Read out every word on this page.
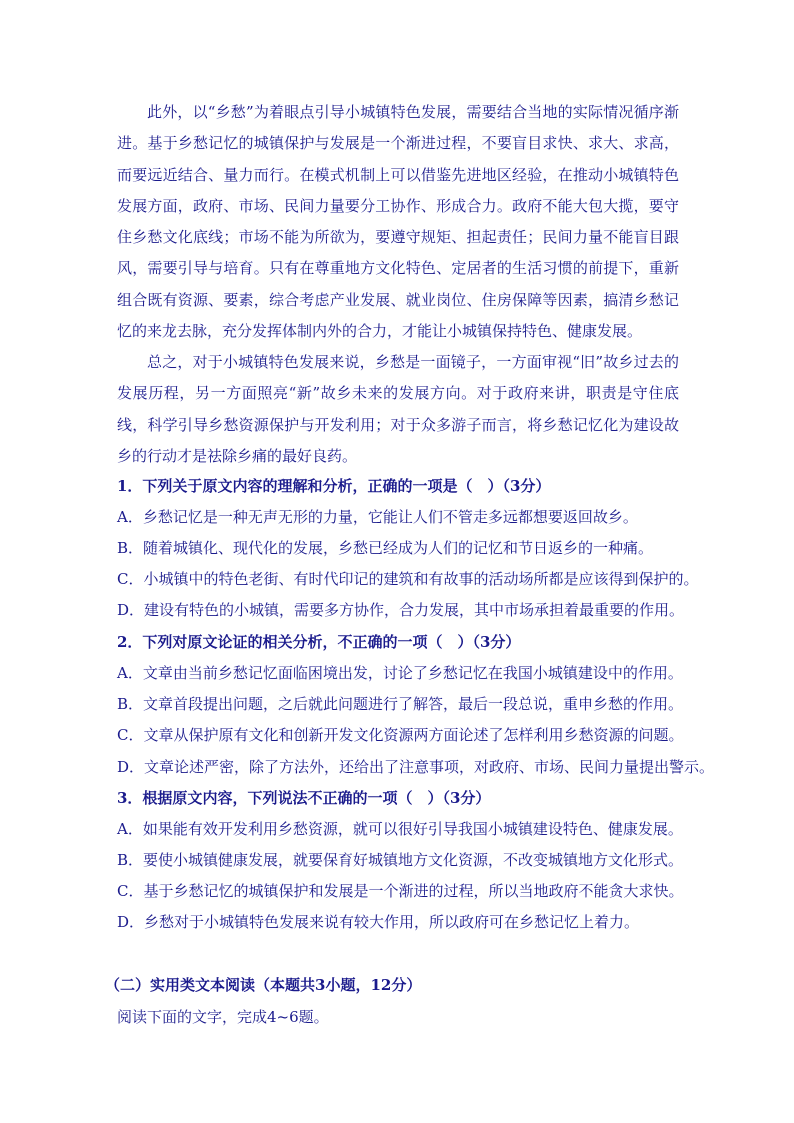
此外，以“乡愁”为着眼点引导小城镇特色发展，需要结合当地的实际情况循序渐进。基于乡愁记忆的城镇保护与发展是一个渐进过程，不要盲目求快、求大、求高，而要远近结合、量力而行。在模式机制上可以借鉴先进地区经验，在推动小城镇特色发展方面，政府、市场、民间力量要分工协作、形成合力。政府不能大包大揽，要守住乡愁文化底线；市场不能为所欲为，要遵守规矩、担起责任；民间力量不能盲目跟风，需要引导与培育。只有在尊重地方文化特色、定居者的生活习惯的前提下，重新组合既有资源、要素，综合考虑产业发展、就业岗位、住房保障等因素，搞清乡愁记忆的来龙去脉，充分发挥体制内外的合力，才能让小城镇保持特色、健康发展。

总之，对于小城镇特色发展来说，乡愁是一面镜子，一方面审视“旧”故乡过去的发展历程，另一方面照亮“新”故乡未来的发展方向。对于政府来讲，职责是守住底线，科学引导乡愁资源保护与开发利用；对于众多游子而言，将乡愁记忆化为建设故乡的行动才是祛除乡痛的最好良药。

1．下列关于原文内容的理解和分析，正确的一项是（　）（3分）

A．乡愁记忆是一种无声无形的力量，它能让人们不管走多远都想要返回故乡。

B．随着城镇化、现代化的发展，乡愁已经成为人们的记忆和节日返乡的一种痛。

C．小城镇中的特色老街、有时代印记的建筑和有故事的活动场所都是应该得到保护的。

D．建设有特色的小城镇，需要多方协作，合力发展，其中市场承担着最重要的作用。

2．下列对原文论证的相关分析，不正确的一项（　）（3分）

A．文章由当前乡愁记忆面临困境出发，讨论了乡愁记忆在我国小城镇建设中的作用。

B．文章首段提出问题，之后就此问题进行了解答，最后一段总说，重申乡愁的作用。

C．文章从保护原有文化和创新开发文化资源两方面论述了怎样利用乡愁资源的问题。

D．文章论述严密，除了方法外，还给出了注意事项，对政府、市场、民间力量提出警示。

3．根据原文内容，下列说法不正确的一项（　）（3分）

A．如果能有效开发利用乡愁资源，就可以很好引导我国小城镇建设特色、健康发展。

B．要使小城镇健康发展，就要保育好城镇地方文化资源，不改变城镇地方文化形式。

C．基于乡愁记忆的城镇保护和发展是一个渐进的过程，所以当地政府不能贪大求快。

D．乡愁对于小城镇特色发展来说有较大作用，所以政府可在乡愁记忆上着力。

（二）实用类文本阅读（本题共3小题，12分）

阅读下面的文字，完成4~6题。
